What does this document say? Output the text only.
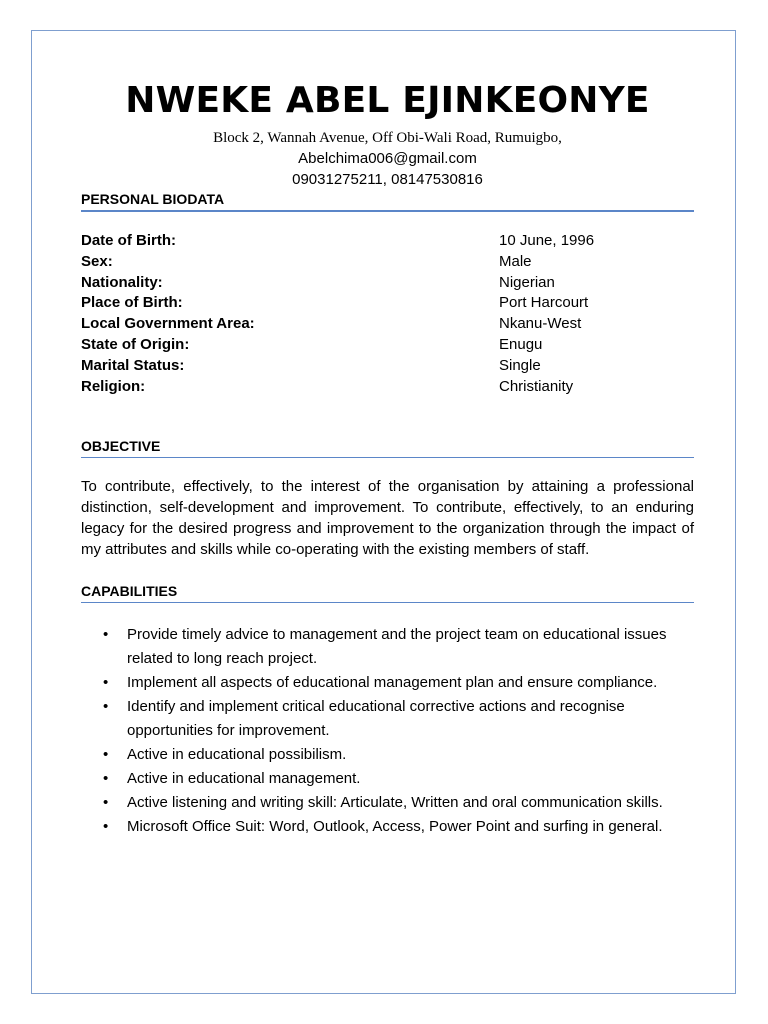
NWEKE ABEL EJINKEONYE
Block 2, Wannah Avenue, Off Obi-Wali Road, Rumuigbo,
Abelchima006@gmail.com
09031275211, 08147530816
PERSONAL BIODATA
Date of Birth:	10 June, 1996
Sex:	Male
Nationality:	Nigerian
Place of Birth:	Port Harcourt
Local Government Area:	Nkanu-West
State of Origin:	Enugu
Marital Status:	Single
Religion:	Christianity
OBJECTIVE
To contribute, effectively, to the interest of the organisation by attaining a professional distinction, self-development and improvement. To contribute, effectively, to an enduring legacy for the desired progress and improvement to the organization through the impact of my attributes and skills while co-operating with the existing members of staff.
CAPABILITIES
• Provide timely advice to management and the project team on educational issues related to long reach project.
• Implement all aspects of educational management plan and ensure compliance.
• Identify and implement critical educational corrective actions and recognise opportunities for improvement.
• Active in educational possibilism.
• Active in educational management.
• Active listening and writing skill: Articulate, Written and oral communication skills.
• Microsoft Office Suit: Word, Outlook, Access, Power Point and surfing in general.
